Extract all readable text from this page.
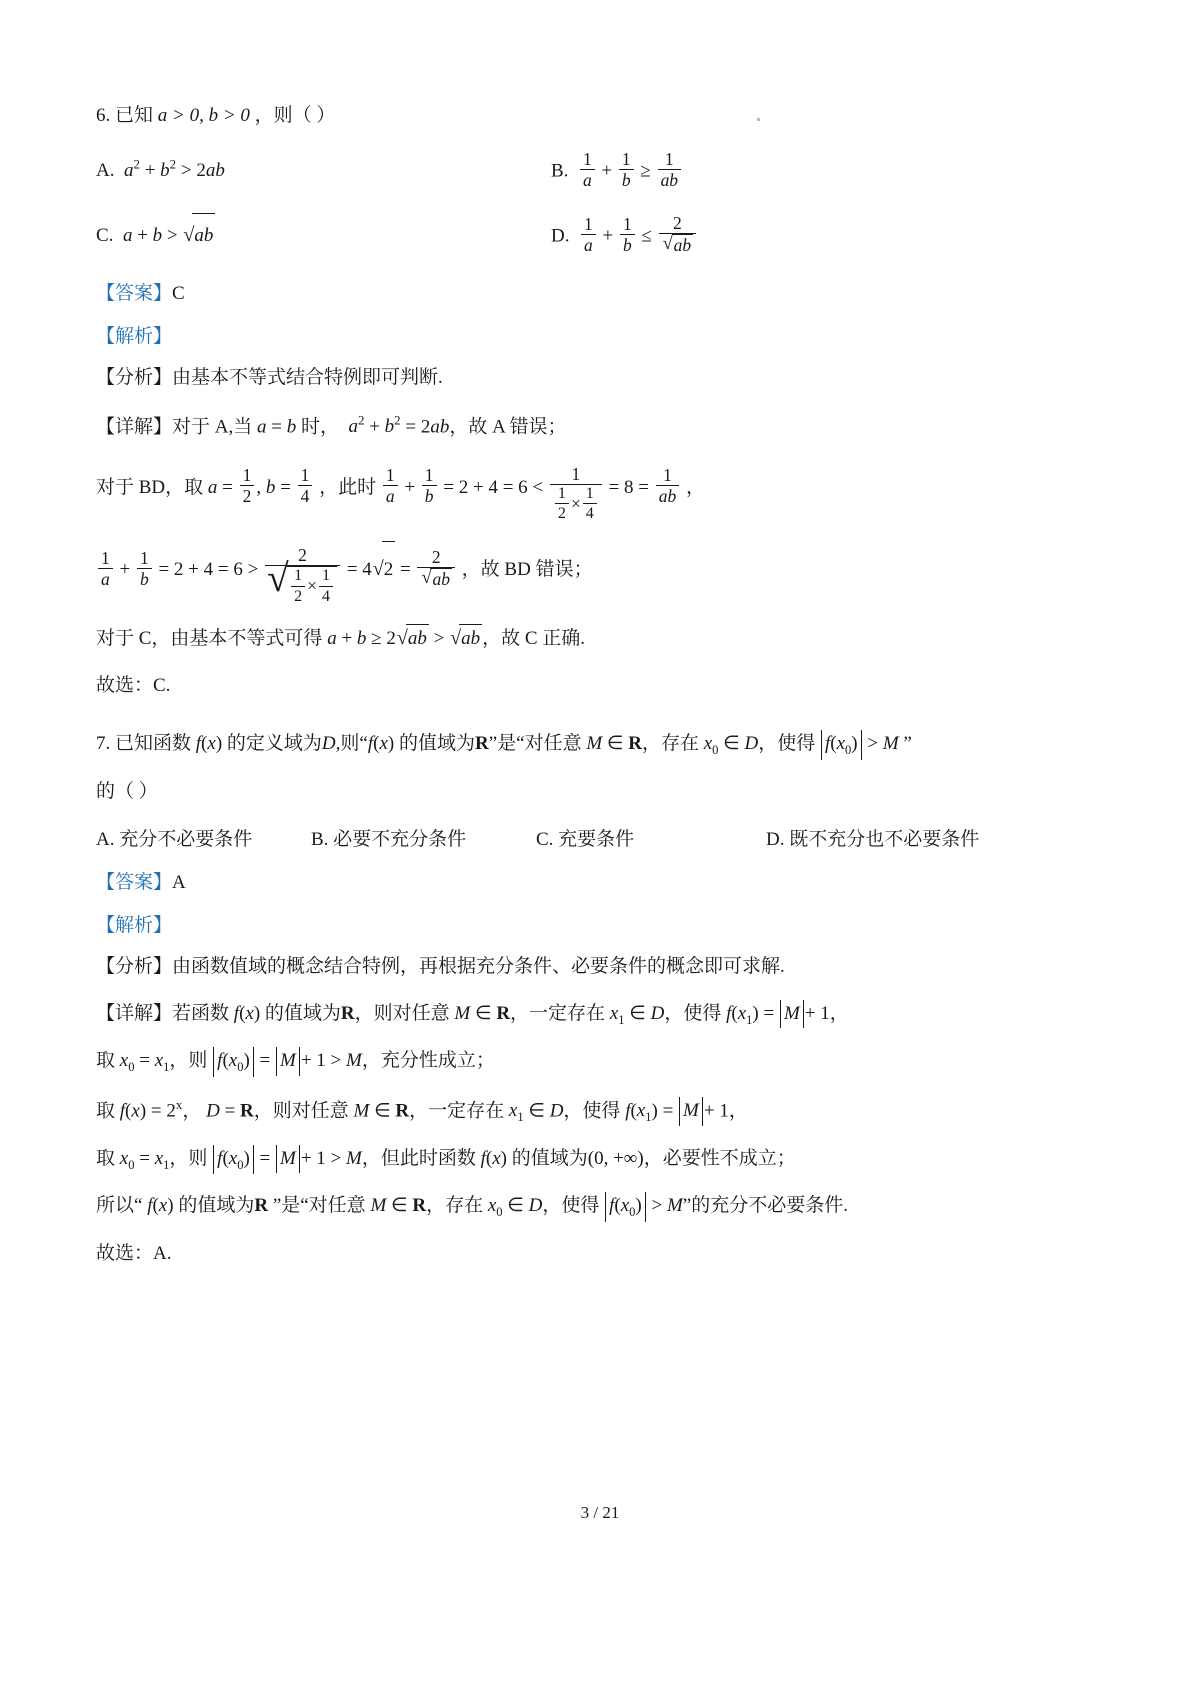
6. 已知 a > 0, b > 0 ，则（ ）
A. $a^2 + b^2 > 2ab$	B. $\frac{1}{a} + \frac{1}{b} \ge \frac{1}{ab}$
C. a + b > √ ab	D. $\frac{1}{a} + \frac{1}{b} \le 2$
√ ab
【答案】C
【解析】
【分析】由基本不等式结合特例即可判断.
【详解】对于 A,当 a = b 时， $a^2 + b^2 = 2ab$，故 A 错误；
对于 BD，取 $a = \frac{1}{2}$ , $b = \frac{1}{4}$ ，此时 $\frac{1}{a} + \frac{1}{b} = 2 + 4 = 6 < \frac{1}{\frac{1}{2} \times \frac{1}{4}} = 8 = \frac{1}{ab}$ ，
$\frac{1}{a} + \frac{1}{b} = 2 + 4 = 6 > 2$
√ $\frac{1}{2} \times \frac{1}{4} = 4$ √ 2 = 2
√ ab ，故 BD 错误；
对于 C，由基本不等式可得 a + b ≥ 2 √ ab > √ ab ，故 C 正确.
故选：C.
7. 已知函数 f(x) 的定义域为D,则“f(x) 的值域为R”是“对任意 M ∈ R，存在 $x_0$ ∈ D，使得 $f(x_0) > M$ ”
的（ ）
A. 充分不必要条件	B. 必要不充分条件	C. 充要条件	D. 既不充分也不必要条件
【答案】A
【解析】
【分析】由函数值域的概念结合特例，再根据充分条件、必要条件的概念即可求解.
【详解】若函数 f(x) 的值域为R，则对任意 M ∈ R，一定存在 $x_1$ ∈ D，使得 $f(x_1) = M + 1$，
取 $x_0 = x_1$，则 $f(x_0) = M + 1 > M$，充分性成立；
取 $f(x) = 2^x$， D = R，则对任意 M ∈ R，一定存在 $x_1$ ∈ D，使得 $f(x_1) = M + 1$，
取 $x_0 = x_1$，则 $f(x_0) = M + 1 > M$，但此时函数 f(x) 的值域为(0, +∞)，必要性不成立；
所以“ f(x) 的值域为R ”是“对任意 M ∈ R，存在 $x_0$ ∈ D，使得 $f(x_0) > M$”的充分不必要条件.
故选：A.
3 / 21
